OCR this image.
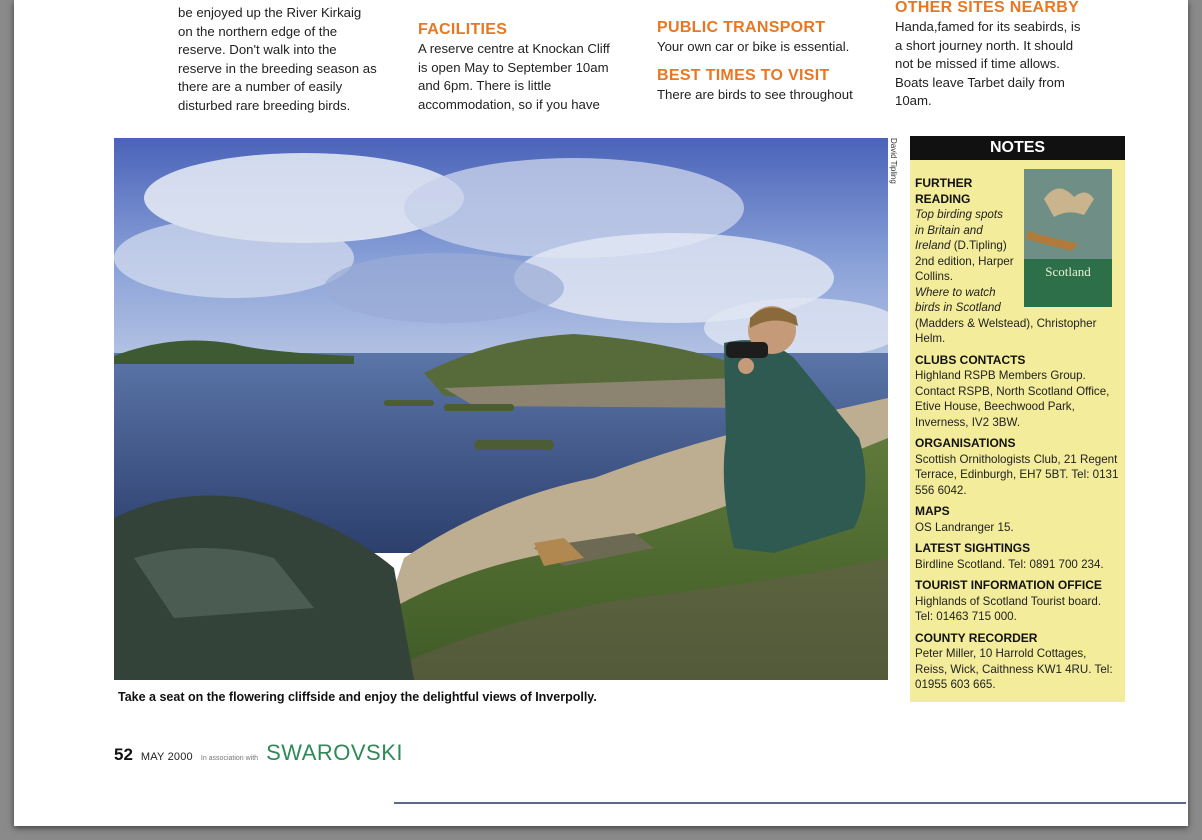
be enjoyed up the River Kirkaig

on the northern edge of the

reserve. Don't walk into the

reserve in the breeding season as

there are a number of easily

disturbed rare breeding birds.

FACILITIES

A reserve centre at Knockan Cliff

is open May to September 10am

and 6pm. There is little

accommodation, so if you have

PUBLIC TRANSPORT

Your own car or bike is essential.

BEST TIMES TO VISIT

There are birds to see throughout

OTHER SITES NEARBY

Handa,famed for its seabirds, is

a short journey north. It should

not be missed if time allows.

Boats leave Tarbet daily from

10am.

David Tipling
Take a seat on the flowering cliffside and enjoy the delightful views of Inverpolly.
NOTES
Scotland
FURTHER READING
Top birding spots in Britain and Ireland (D.Tipling) 2nd edition, Harper Collins.
Where to watch birds in Scotland (Madders & Welstead), Christopher Helm.
CLUBS CONTACTS
Highland RSPB Members Group. Contact RSPB, North Scotland Office, Etive House, Beechwood Park, Inverness, IV2 3BW.
ORGANISATIONS
Scottish Ornithologists Club, 21 Regent Terrace, Edinburgh, EH7 5BT. Tel: 0131 556 6042.
MAPS
OS Landranger 15.
LATEST SIGHTINGS
Birdline Scotland. Tel: 0891 700 234.
TOURIST INFORMATION OFFICE
Highlands of Scotland Tourist board. Tel: 01463 715 000.
COUNTY RECORDER
Peter Miller, 10 Harrold Cottages, Reiss, Wick, Caithness KW1 4RU. Tel: 01955 603 665.
52 MAY 2000 In association with SWAROVSKI
